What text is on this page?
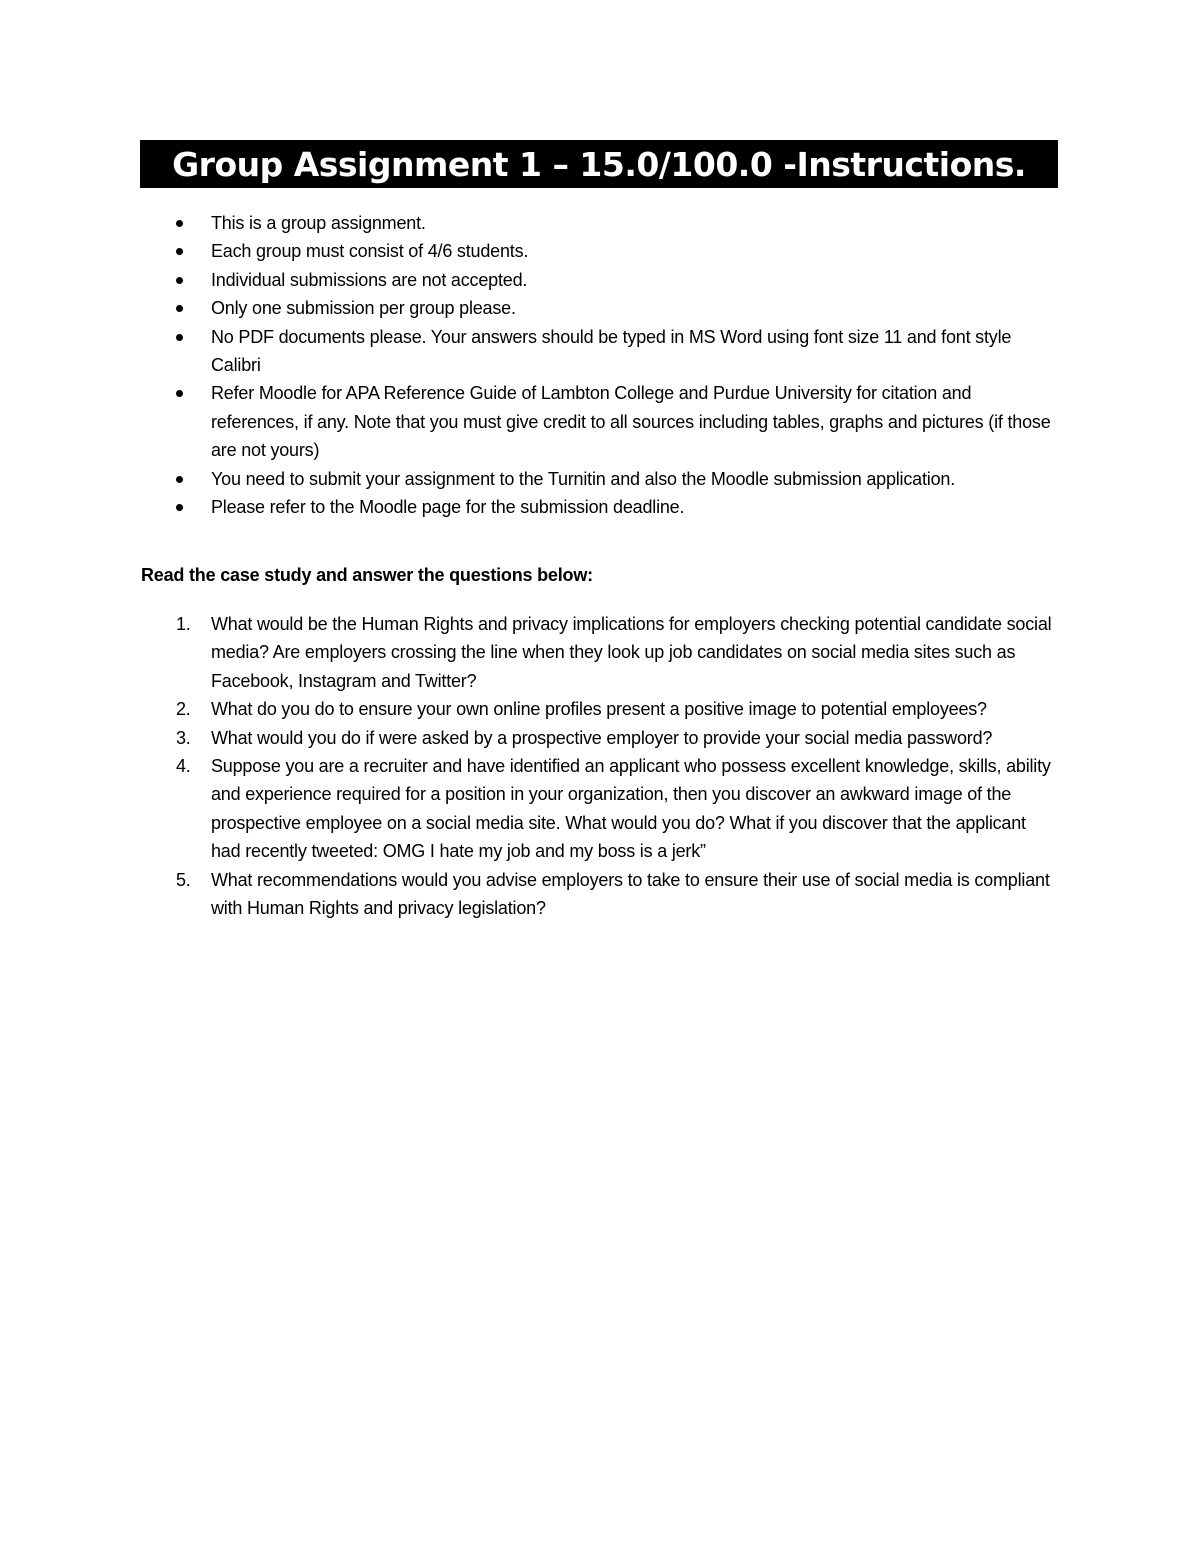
Group Assignment 1 – 15.0/100.0 -Instructions.
This is a group assignment.
Each group must consist of 4/6 students.
Individual submissions are not accepted.
Only one submission per group please.
No PDF documents please. Your answers should be typed in MS Word using font size 11 and font style Calibri
Refer Moodle for APA Reference Guide of Lambton College and Purdue University for citation and references, if any. Note that you must give credit to all sources including tables, graphs and pictures (if those are not yours)
You need to submit your assignment to the Turnitin and also the Moodle submission application.
Please refer to the Moodle page for the submission deadline.
Read the case study and answer the questions below:
1. What would be the Human Rights and privacy implications for employers checking potential candidate social media? Are employers crossing the line when they look up job candidates on social media sites such as Facebook, Instagram and Twitter?
2. What do you do to ensure your own online profiles present a positive image to potential employees?
3. What would you do if were asked by a prospective employer to provide your social media password?
4. Suppose you are a recruiter and have identified an applicant who possess excellent knowledge, skills, ability and experience required for a position in your organization, then you discover an awkward image of the prospective employee on a social media site. What would you do? What if you discover that the applicant had recently tweeted: OMG I hate my job and my boss is a jerk”
5. What recommendations would you advise employers to take to ensure their use of social media is compliant with Human Rights and privacy legislation?
